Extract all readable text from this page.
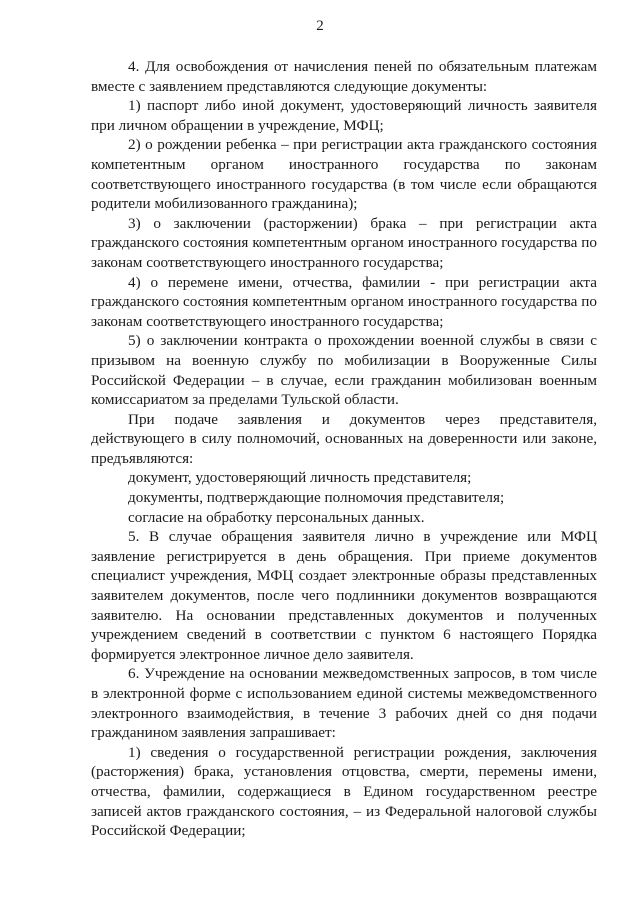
2

4. Для освобождения от начисления пеней по обязательным платежам вместе с заявлением представляются следующие документы:

1) паспорт либо иной документ, удостоверяющий личность заявителя при личном обращении в учреждение, МФЦ;

2) о рождении ребенка – при регистрации акта гражданского состояния компетентным органом иностранного государства по законам соответствующего иностранного государства (в том числе если обращаются родители мобилизованного гражданина);

3) о заключении (расторжении) брака – при регистрации акта гражданского состояния компетентным органом иностранного государства по законам соответствующего иностранного государства;

4) о перемене имени, отчества, фамилии - при регистрации акта гражданского состояния компетентным органом иностранного государства по законам соответствующего иностранного государства;

5) о заключении контракта о прохождении военной службы в связи с призывом на военную службу по мобилизации в Вооруженные Силы Российской Федерации – в случае, если гражданин мобилизован военным комиссариатом за пределами Тульской области.

При подаче заявления и документов через представителя, действующего в силу полномочий, основанных на доверенности или законе, предъявляются:

документ, удостоверяющий личность представителя;

документы, подтверждающие полномочия представителя;

согласие на обработку персональных данных.

5. В случае обращения заявителя лично в учреждение или МФЦ заявление регистрируется в день обращения. При приеме документов специалист учреждения, МФЦ создает электронные образы представленных заявителем документов, после чего подлинники документов возвращаются заявителю. На основании представленных документов и полученных учреждением сведений в соответствии с пунктом 6 настоящего Порядка формируется электронное личное дело заявителя.

6. Учреждение на основании межведомственных запросов, в том числе в электронной форме с использованием единой системы межведомственного электронного взаимодействия, в течение 3 рабочих дней со дня подачи гражданином заявления запрашивает:

1) сведения о государственной регистрации рождения, заключения (расторжения) брака, установления отцовства, смерти, перемены имени, отчества, фамилии, содержащиеся в Едином государственном реестре записей актов гражданского состояния, – из Федеральной налоговой службы Российской Федерации;
